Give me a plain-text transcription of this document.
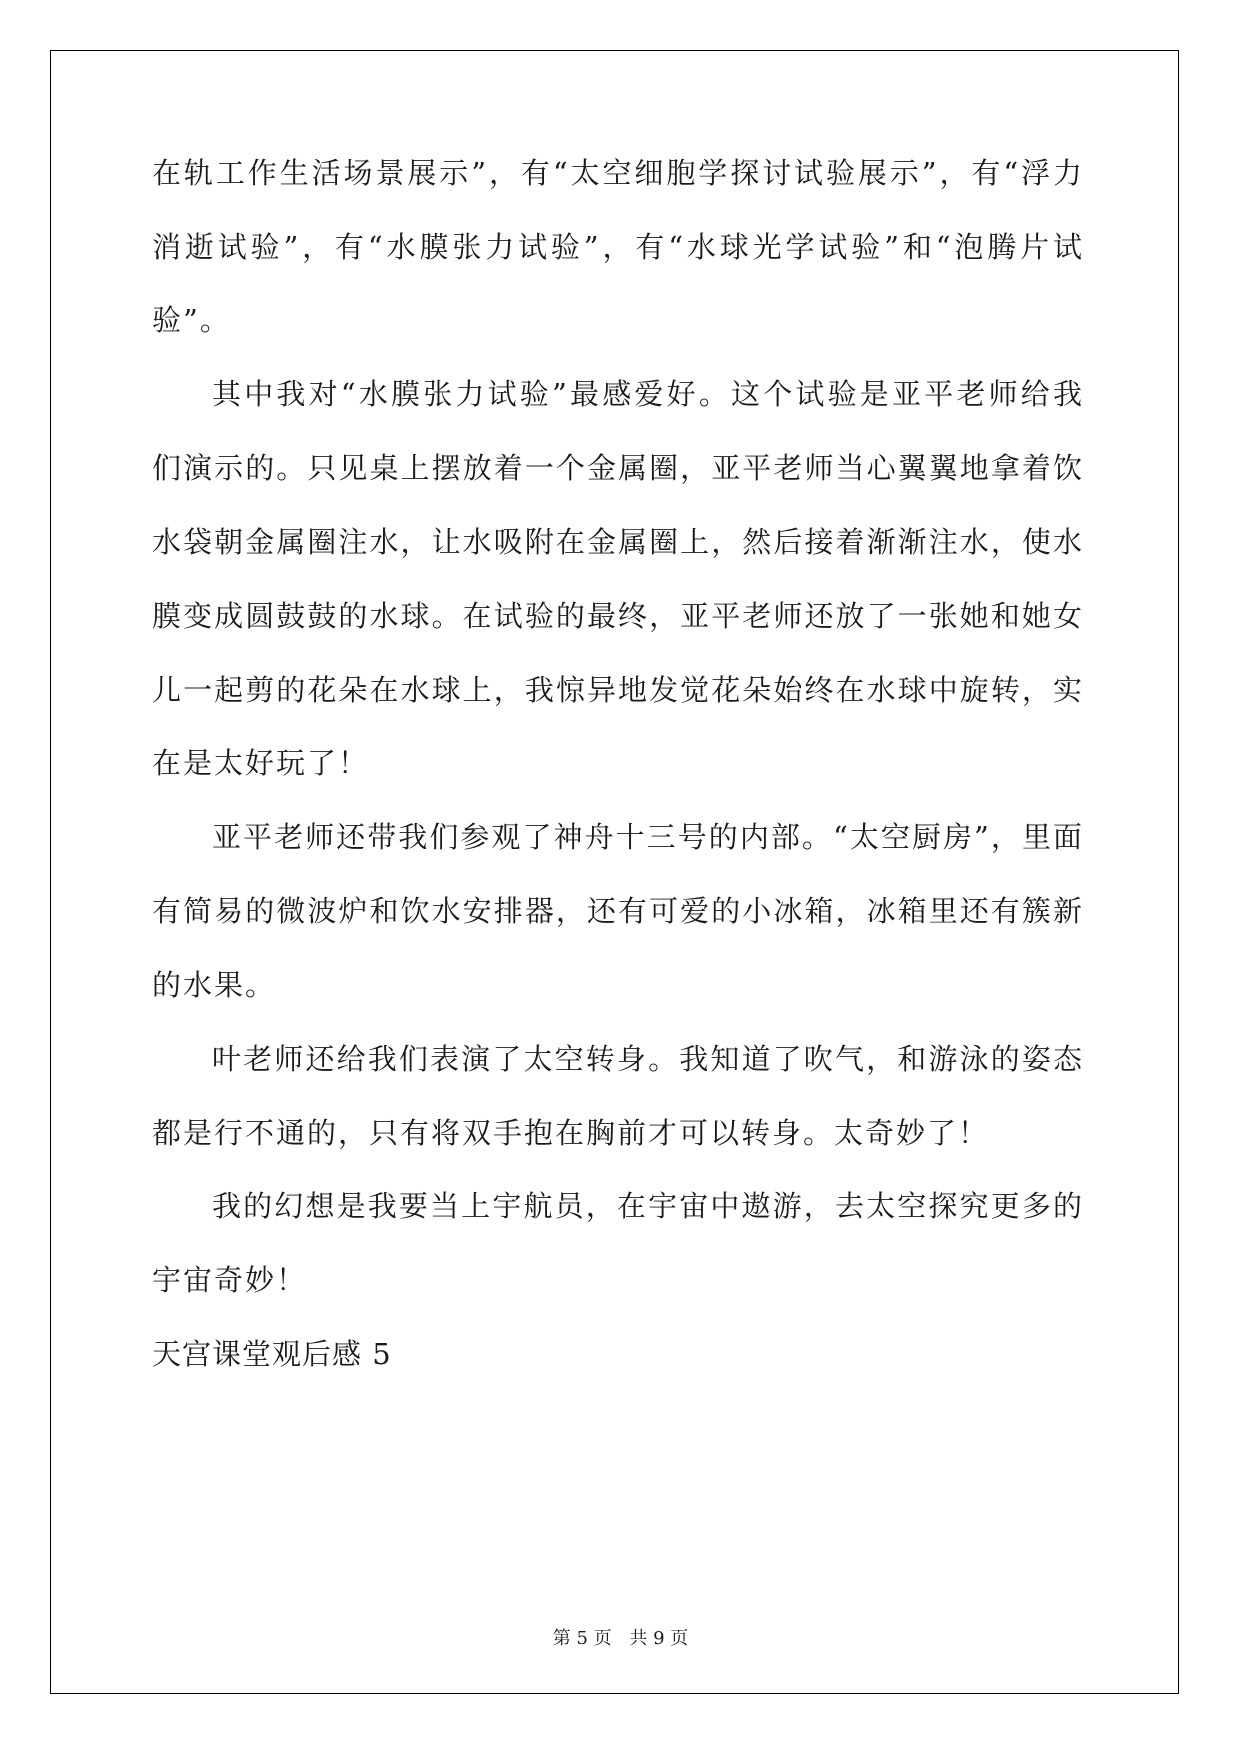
在轨工作生活场景展示”，有“太空细胞学探讨试验展示”，有“浮力
消逝试验”，有“水膜张力试验”，有“水球光学试验”和“泡腾片试
验”。
其中我对“水膜张力试验”最感爱好。这个试验是亚平老师给我
们演示的。只见桌上摆放着一个金属圈，亚平老师当心翼翼地拿着饮
水袋朝金属圈注水，让水吸附在金属圈上，然后接着渐渐注水，使水
膜变成圆鼓鼓的水球。在试验的最终，亚平老师还放了一张她和她女
儿一起剪的花朵在水球上，我惊异地发觉花朵始终在水球中旋转，实
在是太好玩了！
亚平老师还带我们参观了神舟十三号的内部。“太空厨房”，里面
有简易的微波炉和饮水安排器，还有可爱的小冰箱，冰箱里还有簇新
的水果。
叶老师还给我们表演了太空转身。我知道了吹气，和游泳的姿态
都是行不通的，只有将双手抱在胸前才可以转身。太奇妙了！
我的幻想是我要当上宇航员，在宇宙中遨游，去太空探究更多的
宇宙奇妙！
天宫课堂观后感 5
第 5 页 共 9 页
